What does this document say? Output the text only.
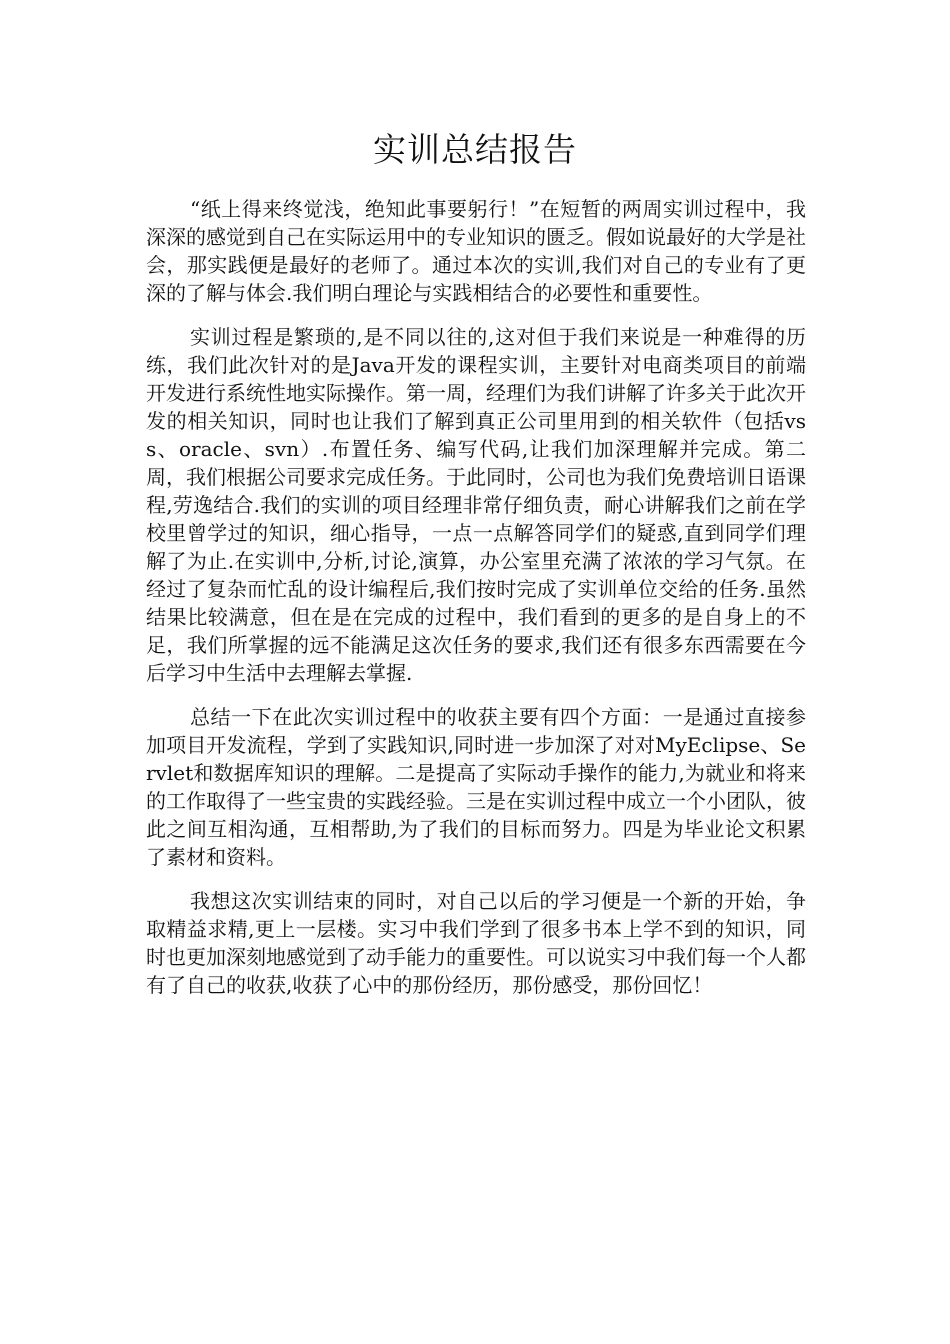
实训总结报告

“纸上得来终觉浅，绝知此事要躬行！”在短暂的两周实训过程中，我深深的感觉到自己在实际运用中的专业知识的匮乏。假如说最好的大学是社会，那实践便是最好的老师了。通过本次的实训,我们对自己的专业有了更深的了解与体会.我们明白理论与实践相结合的必要性和重要性。

实训过程是繁琐的,是不同以往的,这对但于我们来说是一种难得的历练，我们此次针对的是Java开发的课程实训，主要针对电商类项目的前端开发进行系统性地实际操作。第一周，经理们为我们讲解了许多关于此次开发的相关知识，同时也让我们了解到真正公司里用到的相关软件（包括vss、oracle、svn）.布置任务、编写代码,让我们加深理解并完成。第二周，我们根据公司要求完成任务。于此同时，公司也为我们免费培训日语课程,劳逸结合.我们的实训的项目经理非常仔细负责，耐心讲解我们之前在学校里曾学过的知识，细心指导，一点一点解答同学们的疑惑,直到同学们理解了为止.在实训中,分析,讨论,演算，办公室里充满了浓浓的学习气氛。在经过了复杂而忙乱的设计编程后,我们按时完成了实训单位交给的任务.虽然结果比较满意，但在是在完成的过程中，我们看到的更多的是自身上的不足，我们所掌握的远不能满足这次任务的要求,我们还有很多东西需要在今后学习中生活中去理解去掌握.

总结一下在此次实训过程中的收获主要有四个方面：一是通过直接参加项目开发流程，学到了实践知识,同时进一步加深了对对MyEclipse、Servlet和数据库知识的理解。二是提高了实际动手操作的能力,为就业和将来的工作取得了一些宝贵的实践经验。三是在实训过程中成立一个小团队，彼此之间互相沟通，互相帮助,为了我们的目标而努力。四是为毕业论文积累了素材和资料。

我想这次实训结束的同时，对自己以后的学习便是一个新的开始，争取精益求精,更上一层楼。实习中我们学到了很多书本上学不到的知识，同时也更加深刻地感觉到了动手能力的重要性。可以说实习中我们每一个人都有了自己的收获,收获了心中的那份经历，那份感受，那份回忆！
